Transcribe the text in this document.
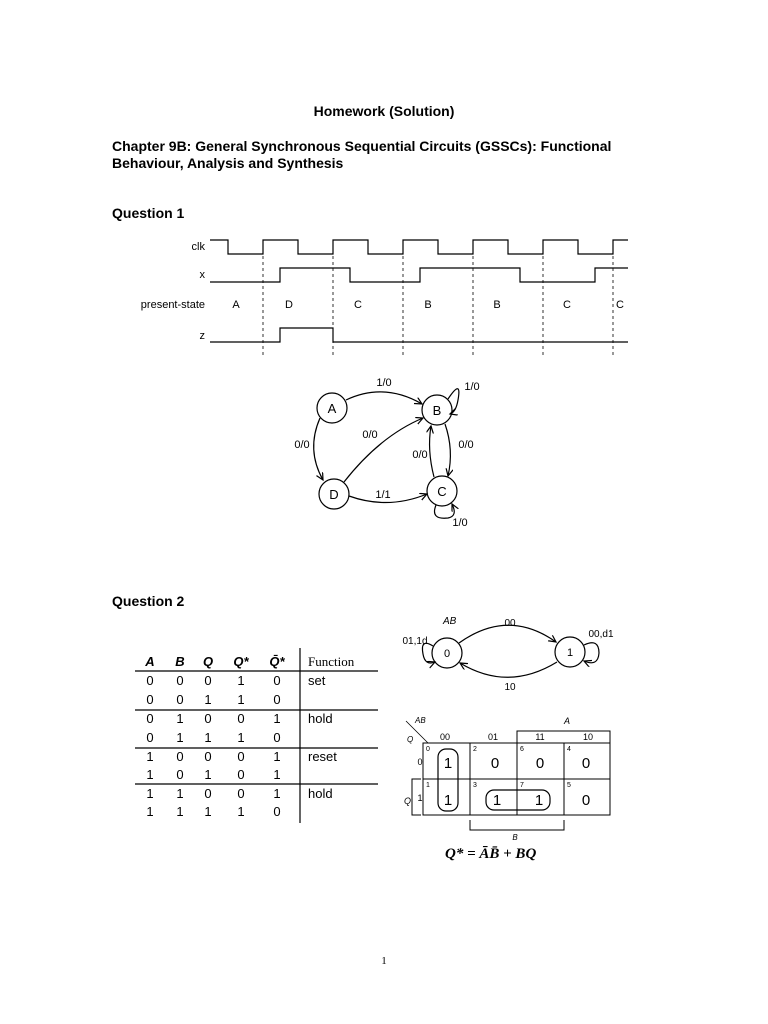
Homework (Solution)
Chapter 9B: General Synchronous Sequential Circuits (GSSCs): Functional
Behaviour, Analysis and Synthesis
Question 1
clk
x
present-state
z
A	D	C	B	B	C	C
A	B
C
D
1/0	1/0
0/0
0/0
0/0
0/0
1/1
1/0
Question 2
A B Q Q* Q̄* Function
0 0 0 1 0 set
0 0 1 1 0
0 1 0 0 1 hold
0 1 1 1 0
1 0 0 0 1 reset
1 0 1 0 1
1 1 0 0 1 hold
1 1 1 1 0
AB
0	1
00
10
01,1d
00,d1
AB
Q
A
00	01	11	10
0
1
Q
0	2	6	4
1	3	7	5
1	0 0	0
1	1 1	0
B
Q* = ĀB̄ + BQ
1
